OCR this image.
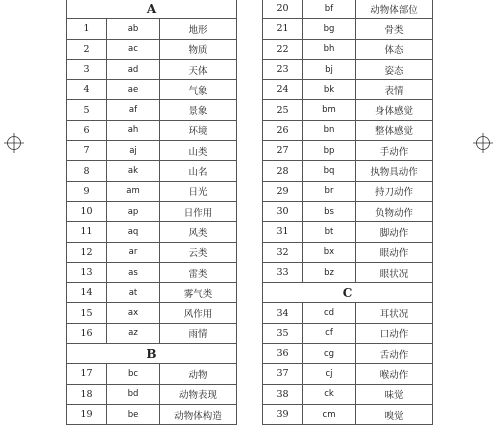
A		
1	ab	地形
2	ac	物质
3	ad	天体
4	ae	气象
5	af	景象
6	ah	环境
7	aj	山类
8	ak	山名
9	am	日光
10	ap	日作用
11	aq	风类
12	ar	云类
13	as	雷类
14	at	雾气类
15	ax	风作用
16	az	雨情
B		
17	bc	动物
18	bd	动物表现
19	be	动物体构造
20	bf	动物体部位
21	bg	骨类
22	bh	体态
23	bj	姿态
24	bk	表情
25	bm	身体感觉
26	bn	整体感觉
27	bp	手动作
28	bq	执物具动作
29	br	持刀动作
30	bs	负物动作
31	bt	脚动作
32	bx	眼动作
33	bz	眼状况
C		
34	cd	耳状况
35	cf	口动作
36	cg	舌动作
37	cj	喉动作
38	ck	味觉
39	cm	嗅觉
